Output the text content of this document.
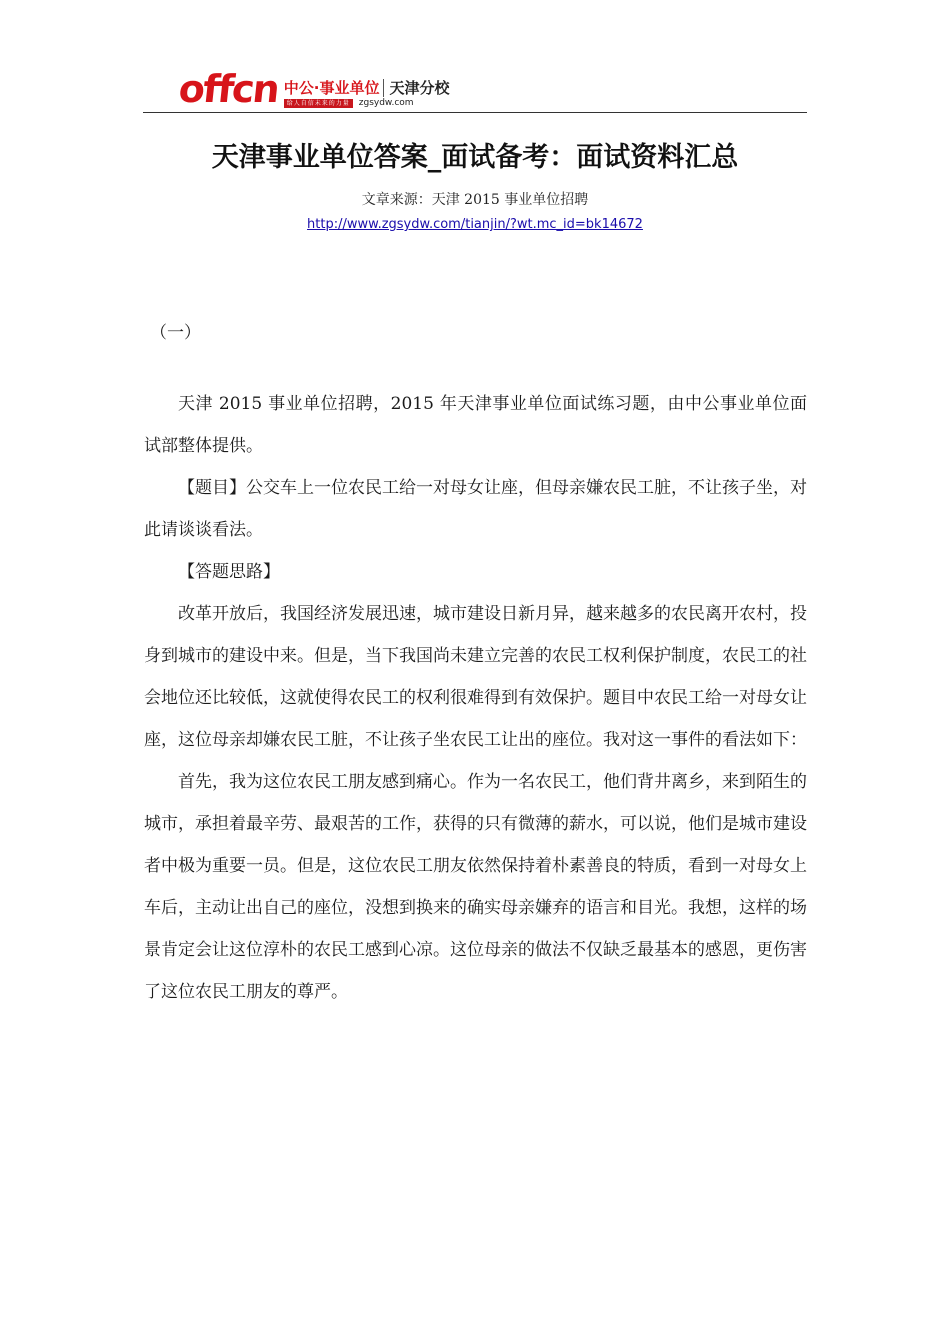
offcn 中公·事业单位 天津分校
给人自信未来的力量	zgsydw.com
天津事业单位答案_面试备考：面试资料汇总
文章来源：天津 2015 事业单位招聘
http://www.zgsydw.com/tianjin/?wt.mc_id=bk14672
（一）

天津 2015 事业单位招聘，2015 年天津事业单位面试练习题，由中公事业单位面试部整体提供。

【题目】公交车上一位农民工给一对母女让座，但母亲嫌农民工脏，不让孩子坐，对此请谈谈看法。

【答题思路】

改革开放后，我国经济发展迅速，城市建设日新月异，越来越多的农民离开农村，投身到城市的建设中来。但是，当下我国尚未建立完善的农民工权利保护制度，农民工的社会地位还比较低，这就使得农民工的权利很难得到有效保护。题目中农民工给一对母女让座，这位母亲却嫌农民工脏，不让孩子坐农民工让出的座位。我对这一事件的看法如下：

首先，我为这位农民工朋友感到痛心。作为一名农民工，他们背井离乡，来到陌生的城市，承担着最辛劳、最艰苦的工作，获得的只有微薄的薪水，可以说，他们是城市建设者中极为重要一员。但是，这位农民工朋友依然保持着朴素善良的特质，看到一对母女上车后，主动让出自己的座位，没想到换来的确实母亲嫌弃的语言和目光。我想，这样的场景肯定会让这位淳朴的农民工感到心凉。这位母亲的做法不仅缺乏最基本的感恩，更伤害了这位农民工朋友的尊严。
